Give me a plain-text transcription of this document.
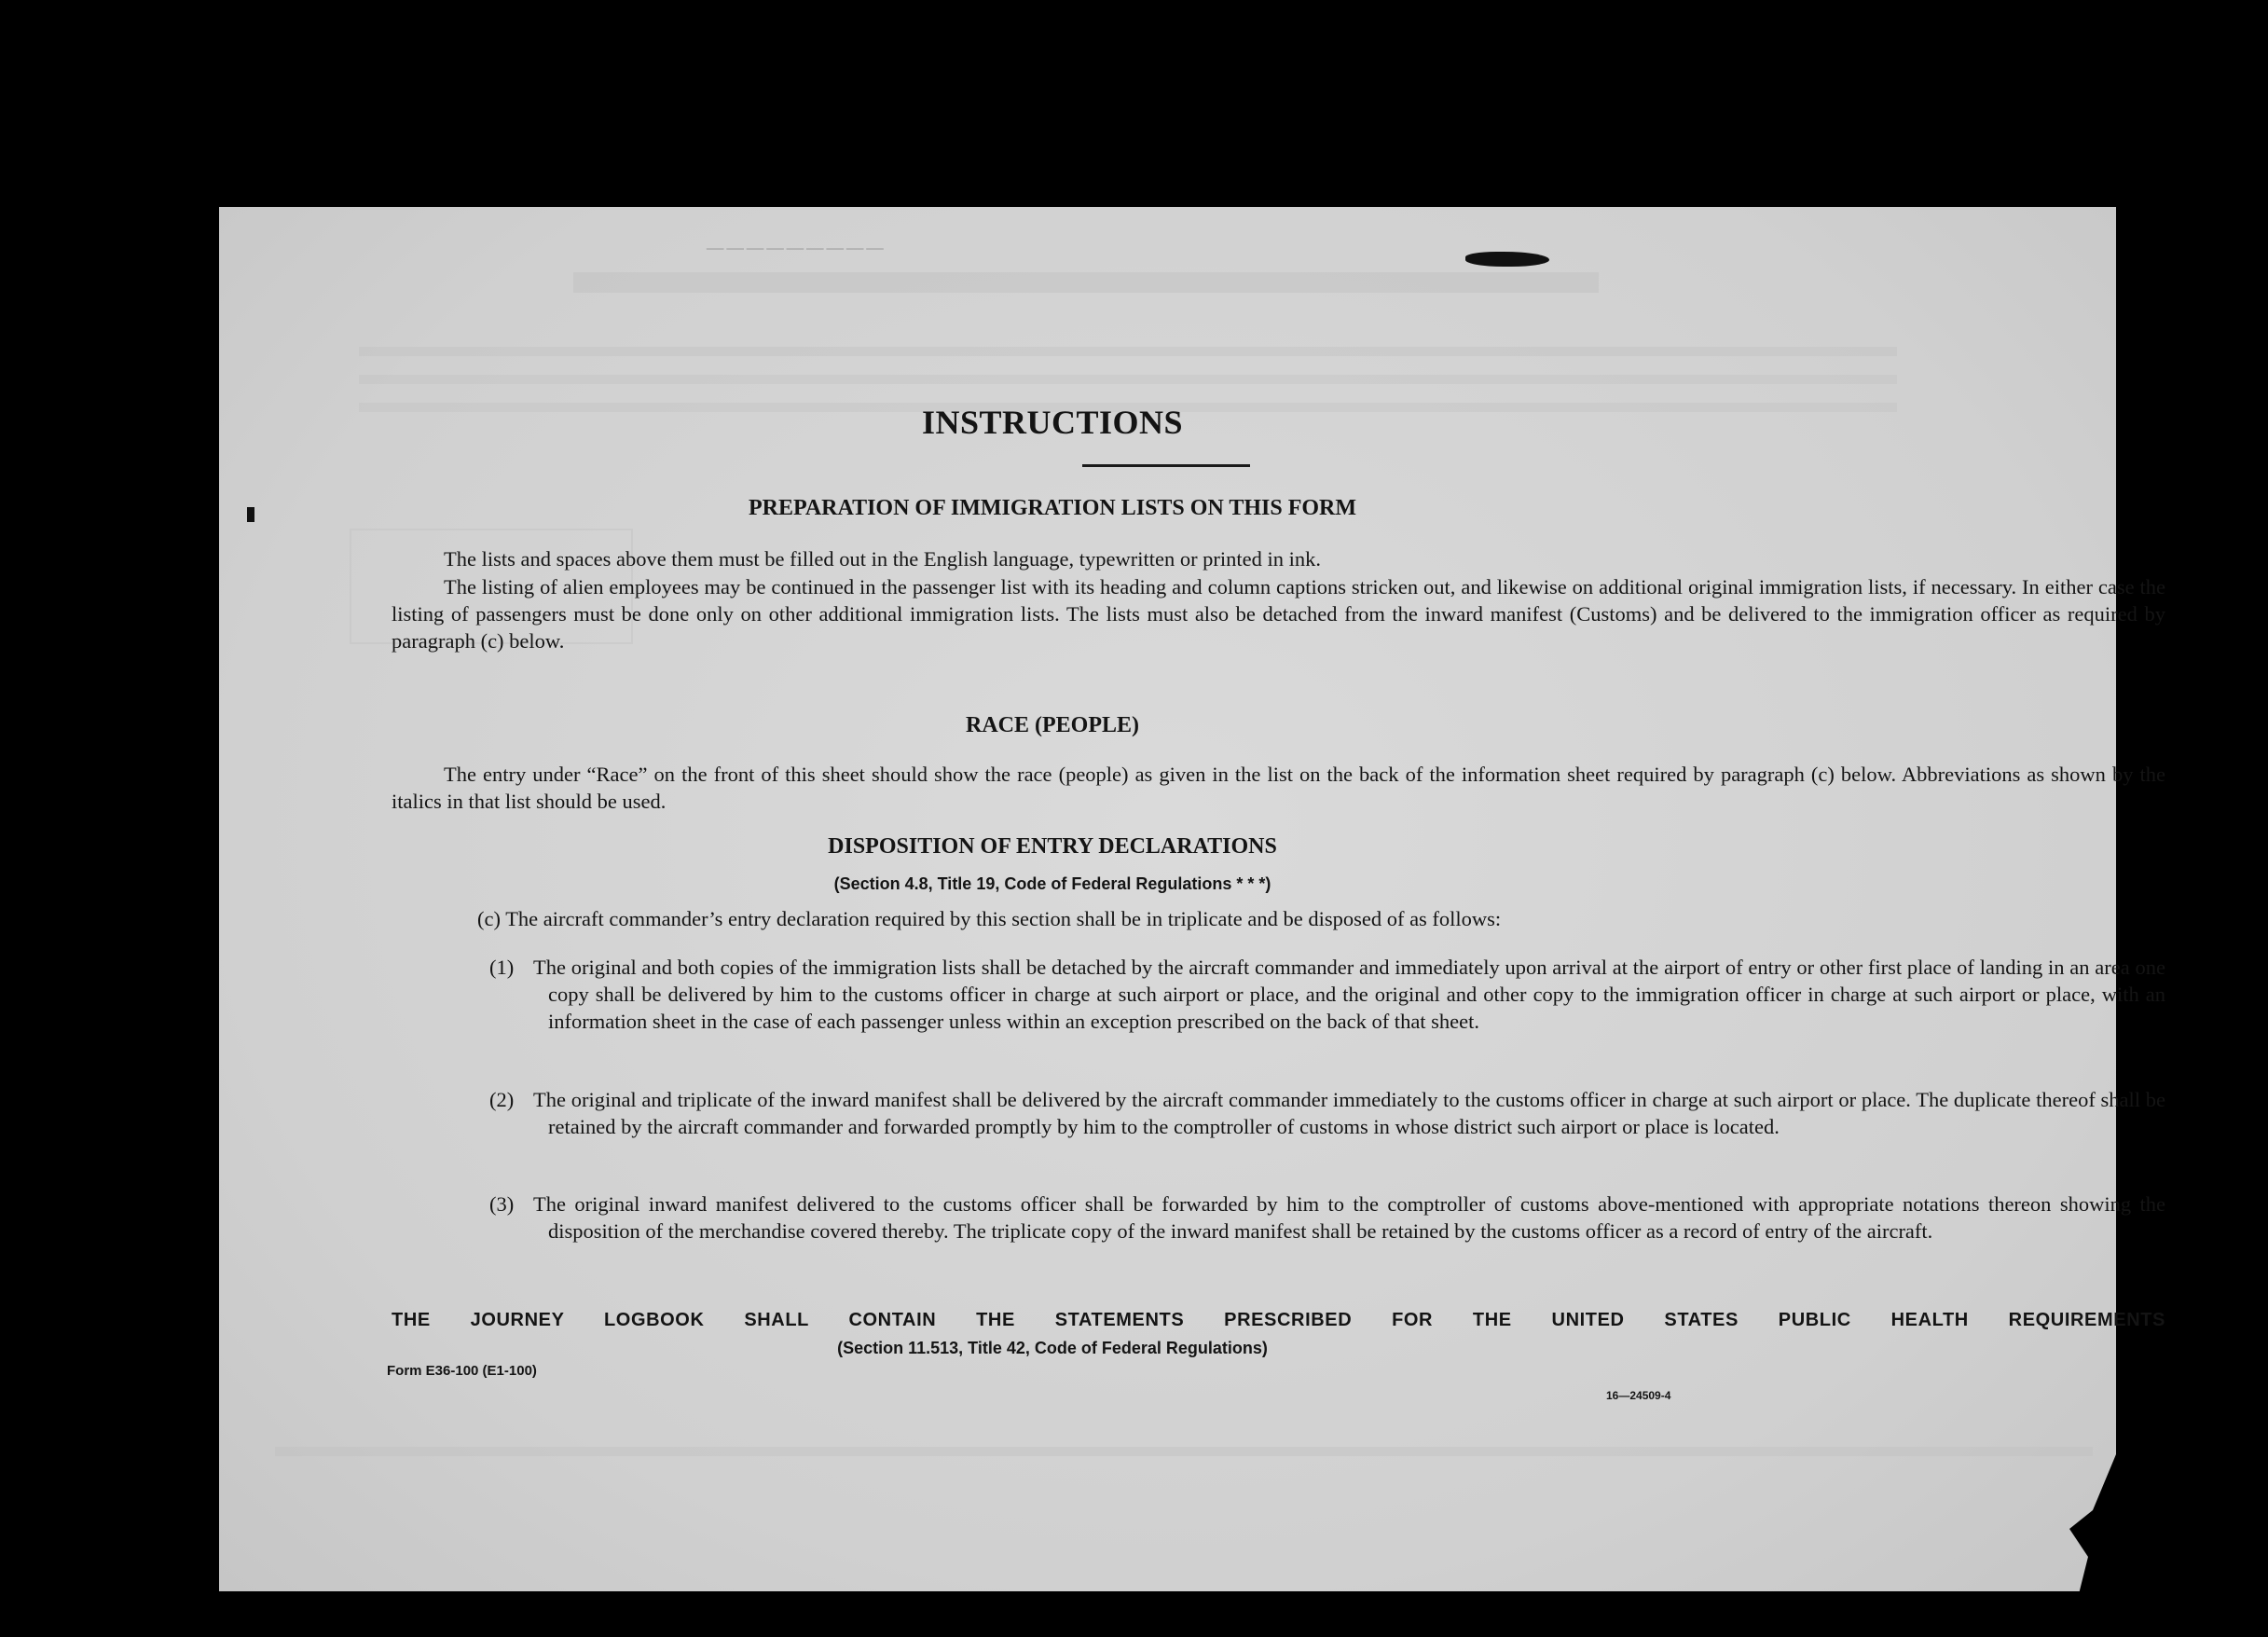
─────────
INSTRUCTIONS
PREPARATION OF IMMIGRATION LISTS ON THIS FORM

The lists and spaces above them must be filled out in the English language, typewritten or printed in ink.

The listing of alien employees may be continued in the passenger list with its heading and column captions stricken out, and likewise on additional original immigration lists, if necessary. In either case the listing of passengers must be done only on other additional immigration lists. The lists must also be detached from the inward manifest (Customs) and be delivered to the immigration officer as required by paragraph (c) below.

RACE (PEOPLE)

The entry under “Race” on the front of this sheet should show the race (people) as given in the list on the back of the information sheet required by paragraph (c) below. Abbreviations as shown by the italics in that list should be used.

DISPOSITION OF ENTRY DECLARATIONS

(Section 4.8, Title 19, Code of Federal Regulations * * *)

(c) The aircraft commander’s entry declaration required by this section shall be in triplicate and be disposed of as follows:

(1) The original and both copies of the immigration lists shall be detached by the aircraft commander and immediately upon arrival at the airport of entry or other first place of landing in an area one copy shall be delivered by him to the customs officer in charge at such airport or place, and the original and other copy to the immigration officer in charge at such airport or place, with an information sheet in the case of each passenger unless within an exception prescribed on the back of that sheet.
(2) The original and triplicate of the inward manifest shall be delivered by the aircraft commander immediately to the customs officer in charge at such airport or place. The duplicate thereof shall be retained by the aircraft commander and forwarded promptly by him to the comptroller of customs in whose district such airport or place is located.
(3) The original inward manifest delivered to the customs officer shall be forwarded by him to the comptroller of customs above-mentioned with appropriate notations thereon showing the disposition of the merchandise covered thereby. The triplicate copy of the inward manifest shall be retained by the customs officer as a record of entry of the aircraft.

THE JOURNEY LOGBOOK SHALL CONTAIN THE STATEMENTS PRESCRIBED FOR THE UNITED STATES PUBLIC HEALTH REQUIREMENTS

(Section 11.513, Title 42, Code of Federal Regulations)

Form E36-100 (E1-100)

16—24509-4
